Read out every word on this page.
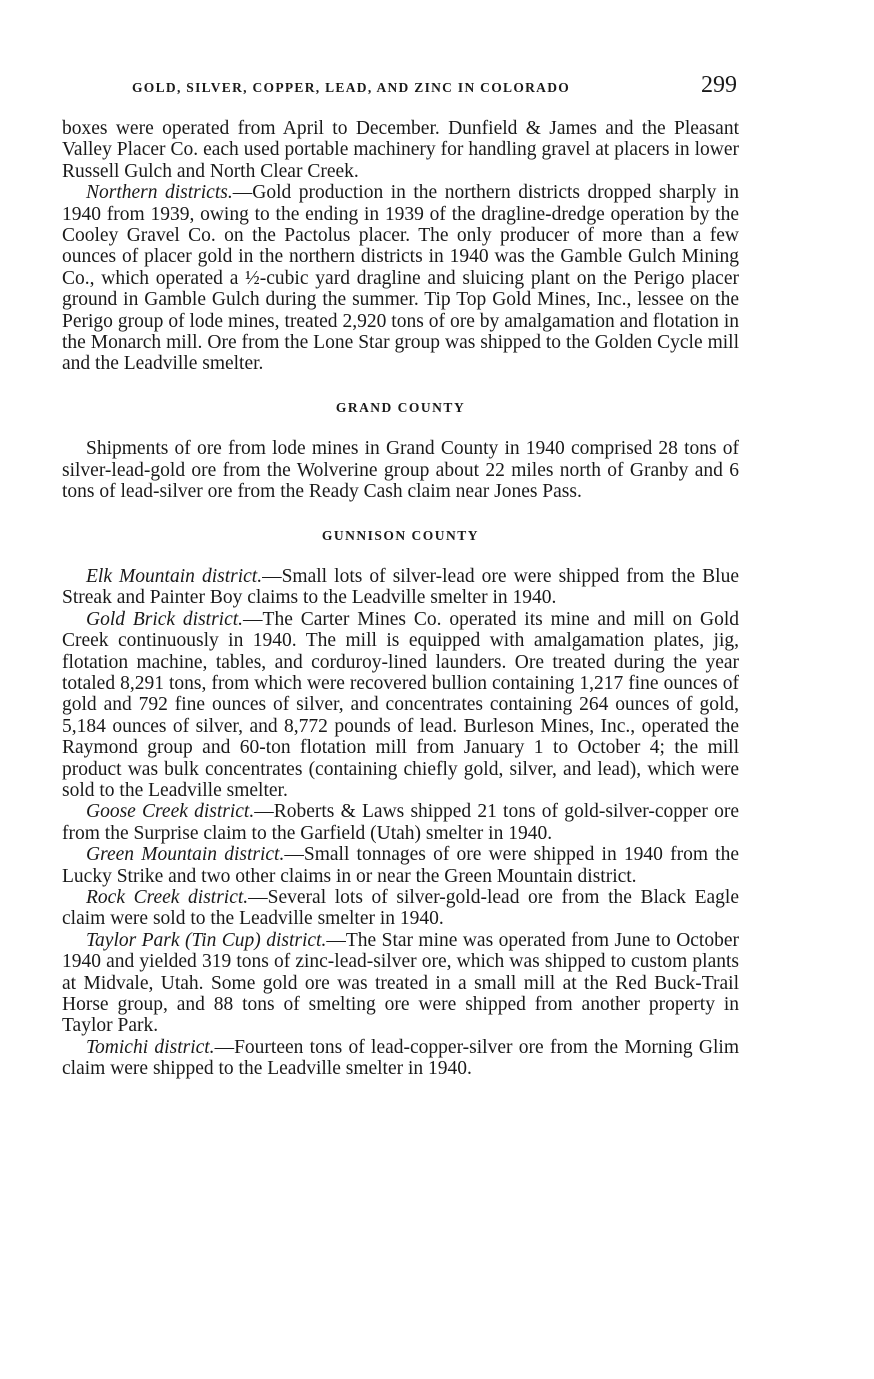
GOLD, SILVER, COPPER, LEAD, AND ZINC IN COLORADO	299

boxes were operated from April to December. Dunfield & James and the Pleasant Valley Placer Co. each used portable machinery for handling gravel at placers in lower Russell Gulch and North Clear Creek.

Northern districts.—Gold production in the northern districts dropped sharply in 1940 from 1939, owing to the ending in 1939 of the dragline-dredge operation by the Cooley Gravel Co. on the Pactolus placer. The only producer of more than a few ounces of placer gold in the northern districts in 1940 was the Gamble Gulch Mining Co., which operated a ½-cubic yard dragline and sluicing plant on the Perigo placer ground in Gamble Gulch during the summer. Tip Top Gold Mines, Inc., lessee on the Perigo group of lode mines, treated 2,920 tons of ore by amalgamation and flotation in the Monarch mill. Ore from the Lone Star group was shipped to the Golden Cycle mill and the Leadville smelter.

GRAND COUNTY

Shipments of ore from lode mines in Grand County in 1940 comprised 28 tons of silver-lead-gold ore from the Wolverine group about 22 miles north of Granby and 6 tons of lead-silver ore from the Ready Cash claim near Jones Pass.

GUNNISON COUNTY

Elk Mountain district.—Small lots of silver-lead ore were shipped from the Blue Streak and Painter Boy claims to the Leadville smelter in 1940.

Gold Brick district.—The Carter Mines Co. operated its mine and mill on Gold Creek continuously in 1940. The mill is equipped with amalgamation plates, jig, flotation machine, tables, and corduroy-lined launders. Ore treated during the year totaled 8,291 tons, from which were recovered bullion containing 1,217 fine ounces of gold and 792 fine ounces of silver, and concentrates containing 264 ounces of gold, 5,184 ounces of silver, and 8,772 pounds of lead. Burleson Mines, Inc., operated the Raymond group and 60-ton flotation mill from January 1 to October 4; the mill product was bulk concentrates (containing chiefly gold, silver, and lead), which were sold to the Leadville smelter.

Goose Creek district.—Roberts & Laws shipped 21 tons of gold-silver-copper ore from the Surprise claim to the Garfield (Utah) smelter in 1940.

Green Mountain district.—Small tonnages of ore were shipped in 1940 from the Lucky Strike and two other claims in or near the Green Mountain district.

Rock Creek district.—Several lots of silver-gold-lead ore from the Black Eagle claim were sold to the Leadville smelter in 1940.

Taylor Park (Tin Cup) district.—The Star mine was operated from June to October 1940 and yielded 319 tons of zinc-lead-silver ore, which was shipped to custom plants at Midvale, Utah. Some gold ore was treated in a small mill at the Red Buck-Trail Horse group, and 88 tons of smelting ore were shipped from another property in Taylor Park.

Tomichi district.—Fourteen tons of lead-copper-silver ore from the Morning Glim claim were shipped to the Leadville smelter in 1940.
